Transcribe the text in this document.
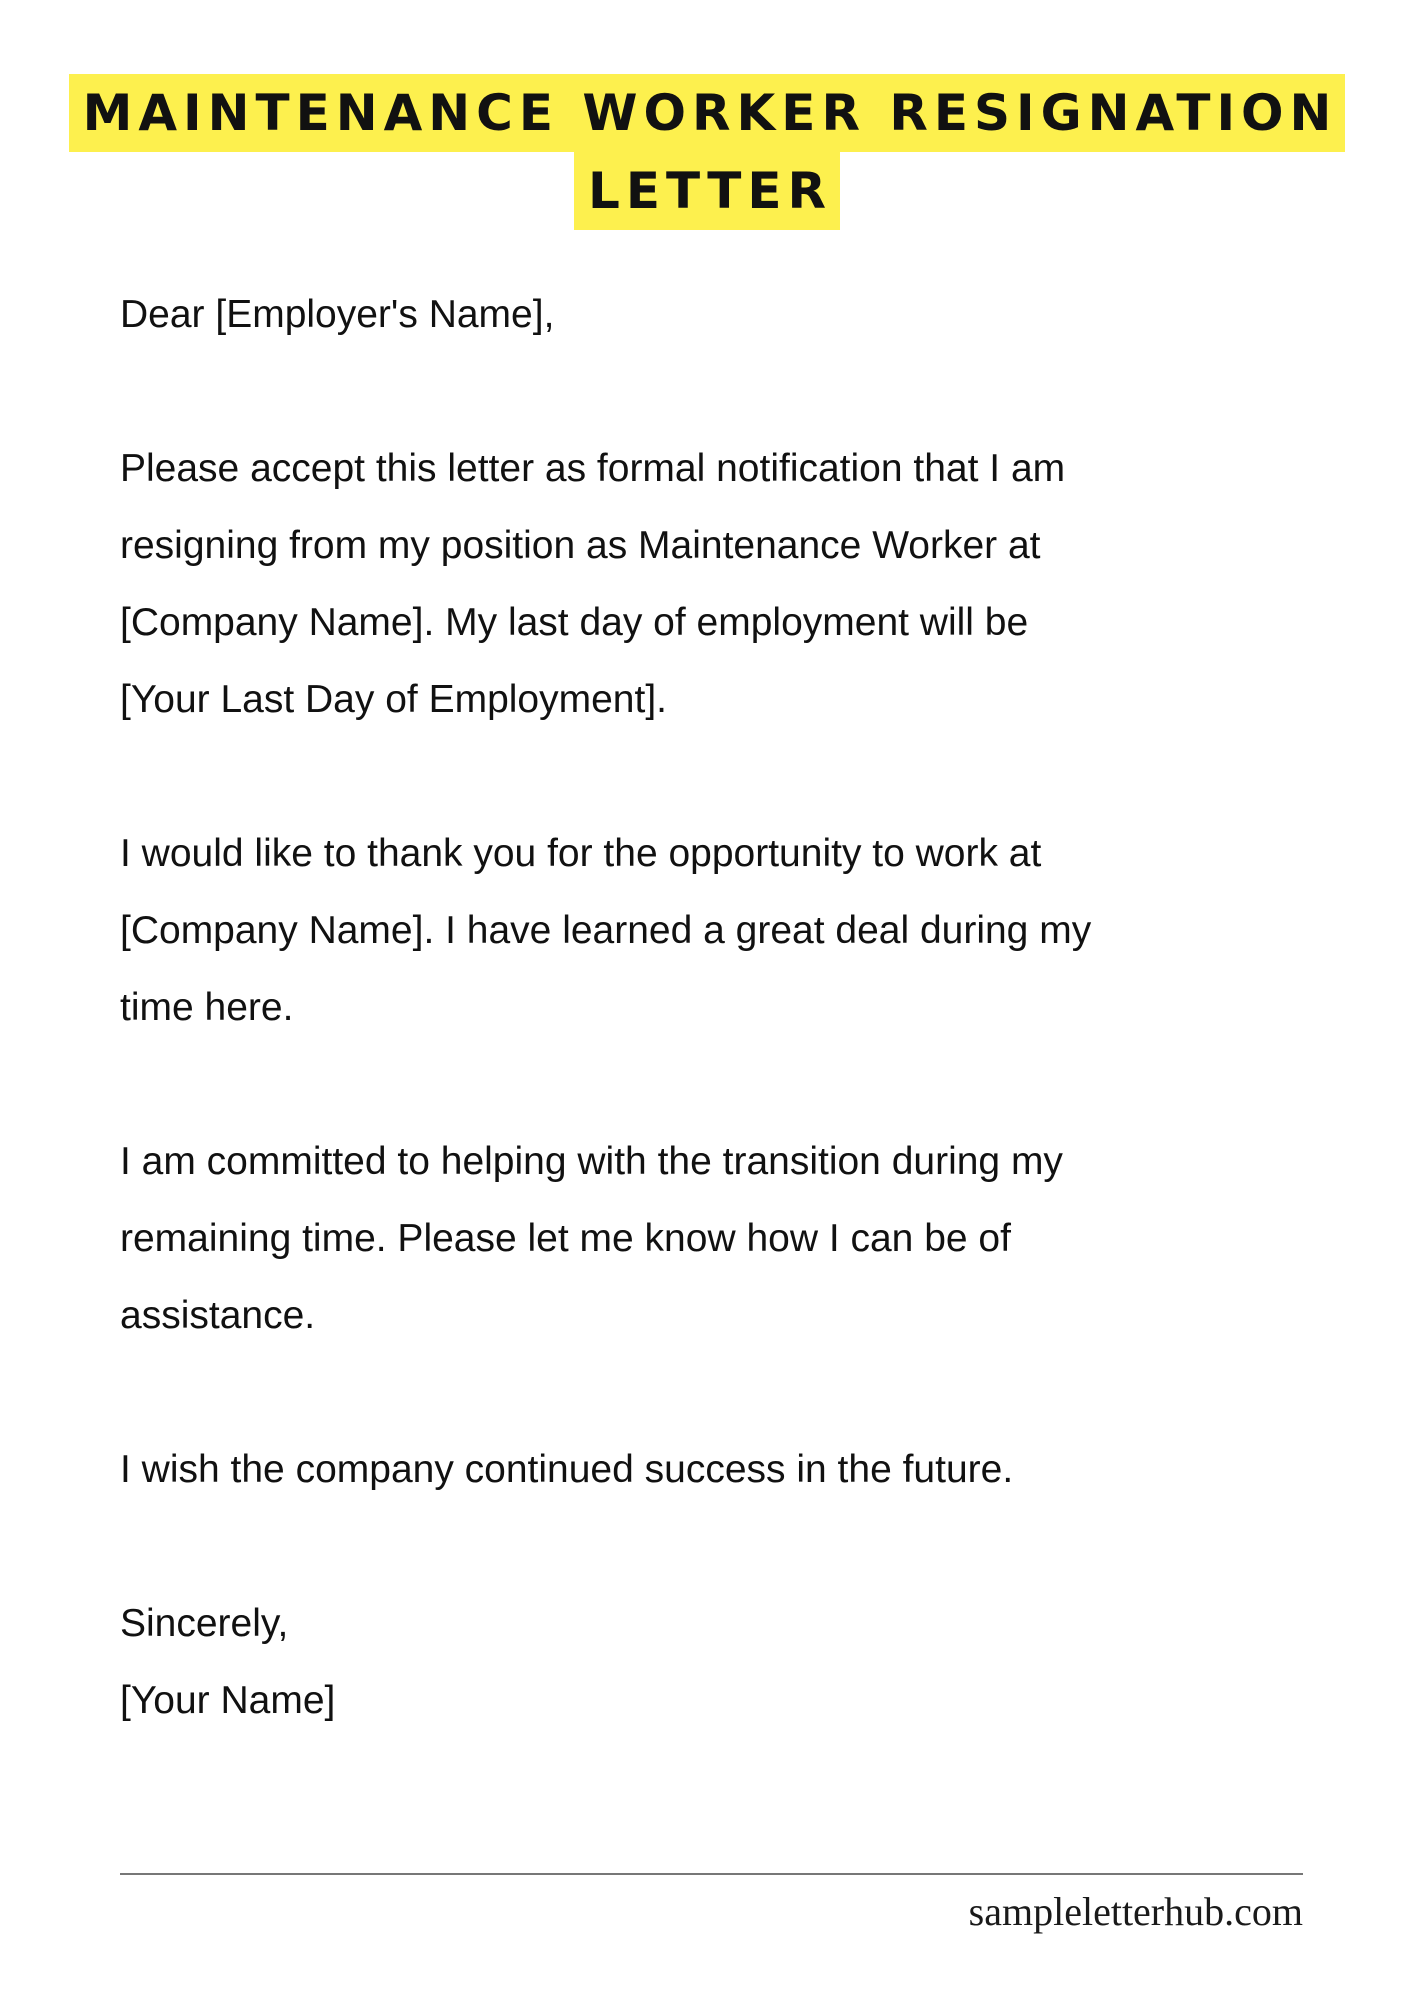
MAINTENANCE WORKER RESIGNATION
LETTER

Dear [Employer's Name],

Please accept this letter as formal notification that I am

resigning from my position as Maintenance Worker at

[Company Name]. My last day of employment will be

[Your Last Day of Employment].

I would like to thank you for the opportunity to work at

[Company Name]. I have learned a great deal during my

time here.

I am committed to helping with the transition during my

remaining time. Please let me know how I can be of

assistance.

I wish the company continued success in the future.

Sincerely,

[Your Name]

sampleletterhub.com
